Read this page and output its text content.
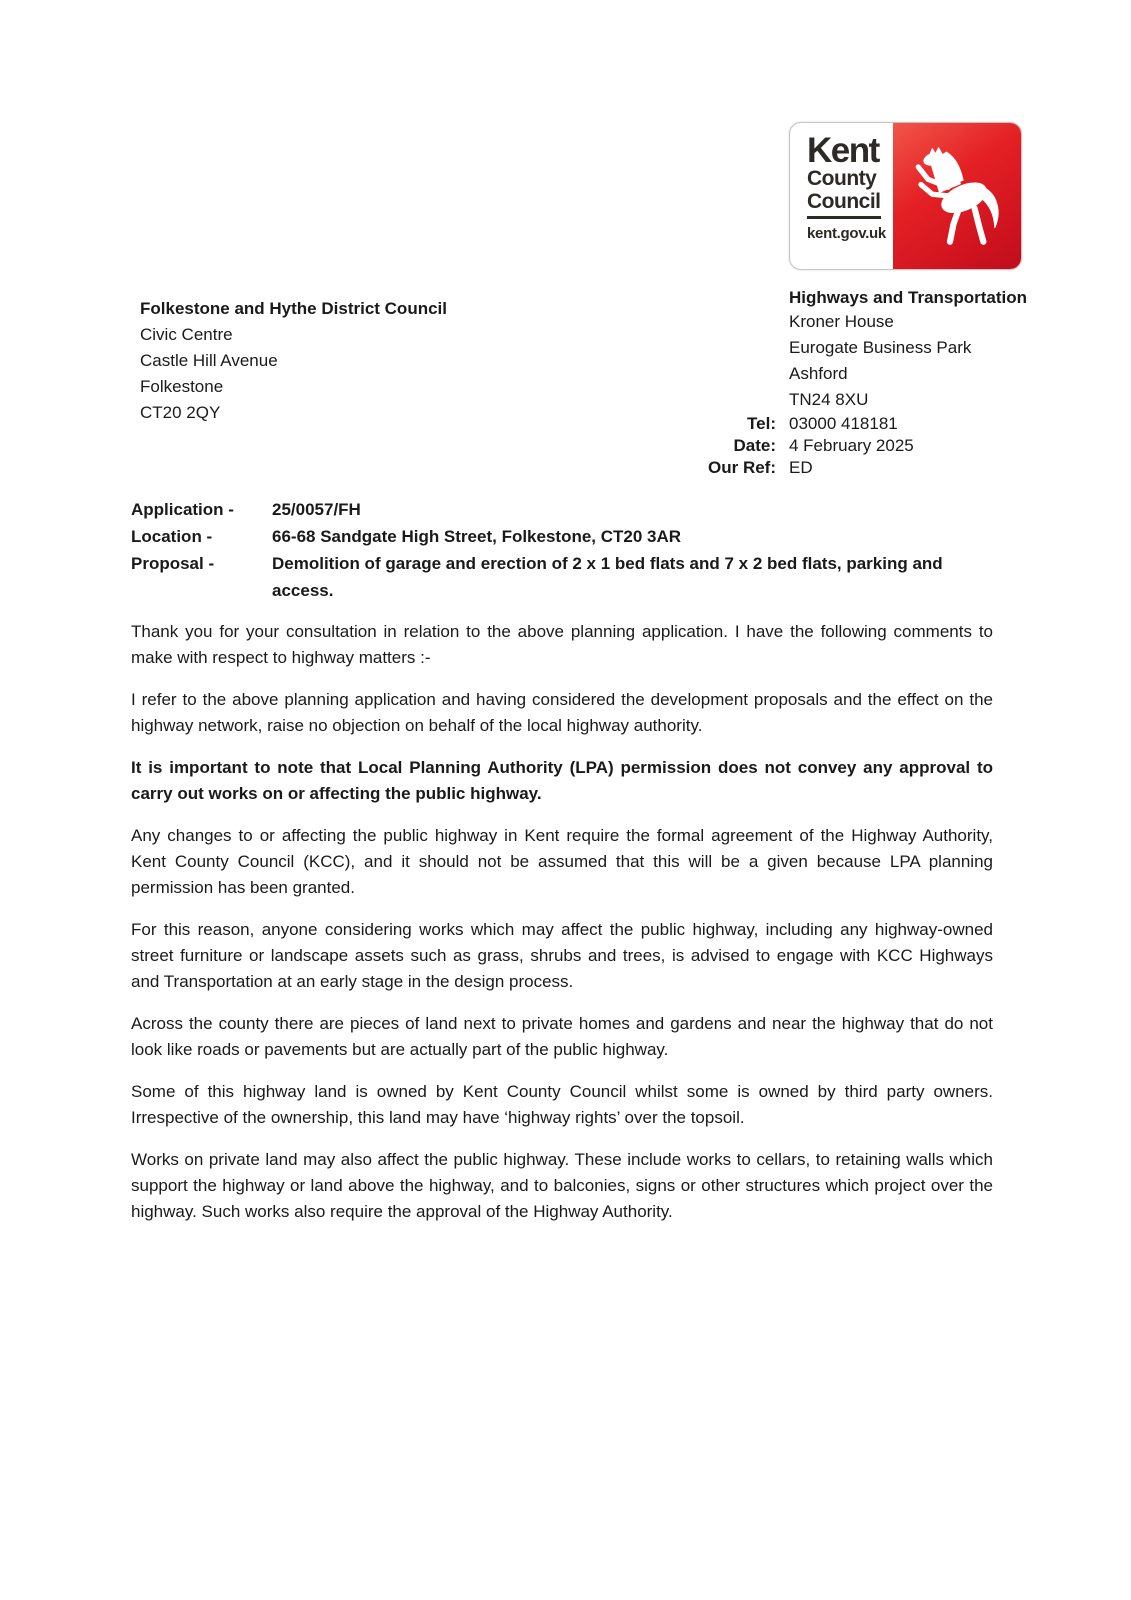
Kent
County
Council
kent.gov.uk
Highways and Transportation
Kroner House
Eurogate Business Park
Ashford
TN24 8XU
Tel: 03000 418181
Date: 4 February 2025
Our Ref: ED
Folkestone and Hythe District Council
Civic Centre
Castle Hill Avenue
Folkestone
CT20 2QY
Application -	25/0057/FH
Location -	66-68 Sandgate High Street, Folkestone, CT20 3AR
Proposal -	Demolition of garage and erection of 2 x 1 bed flats and 7 x 2 bed flats, parking and access.

Thank you for your consultation in relation to the above planning application. I have the following comments to make with respect to highway matters :-

I refer to the above planning application and having considered the development proposals and the effect on the highway network, raise no objection on behalf of the local highway authority.

It is important to note that Local Planning Authority (LPA) permission does not convey any approval to carry out works on or affecting the public highway.

Any changes to or affecting the public highway in Kent require the formal agreement of the Highway Authority, Kent County Council (KCC), and it should not be assumed that this will be a given because LPA planning permission has been granted.

For this reason, anyone considering works which may affect the public highway, including any highway-owned street furniture or landscape assets such as grass, shrubs and trees, is advised to engage with KCC Highways and Transportation at an early stage in the design process.

Across the county there are pieces of land next to private homes and gardens and near the highway that do not look like roads or pavements but are actually part of the public highway.

Some of this highway land is owned by Kent County Council whilst some is owned by third party owners. Irrespective of the ownership, this land may have ‘highway rights’ over the topsoil.

Works on private land may also affect the public highway. These include works to cellars, to retaining walls which support the highway or land above the highway, and to balconies, signs or other structures which project over the highway. Such works also require the approval of the Highway Authority.
